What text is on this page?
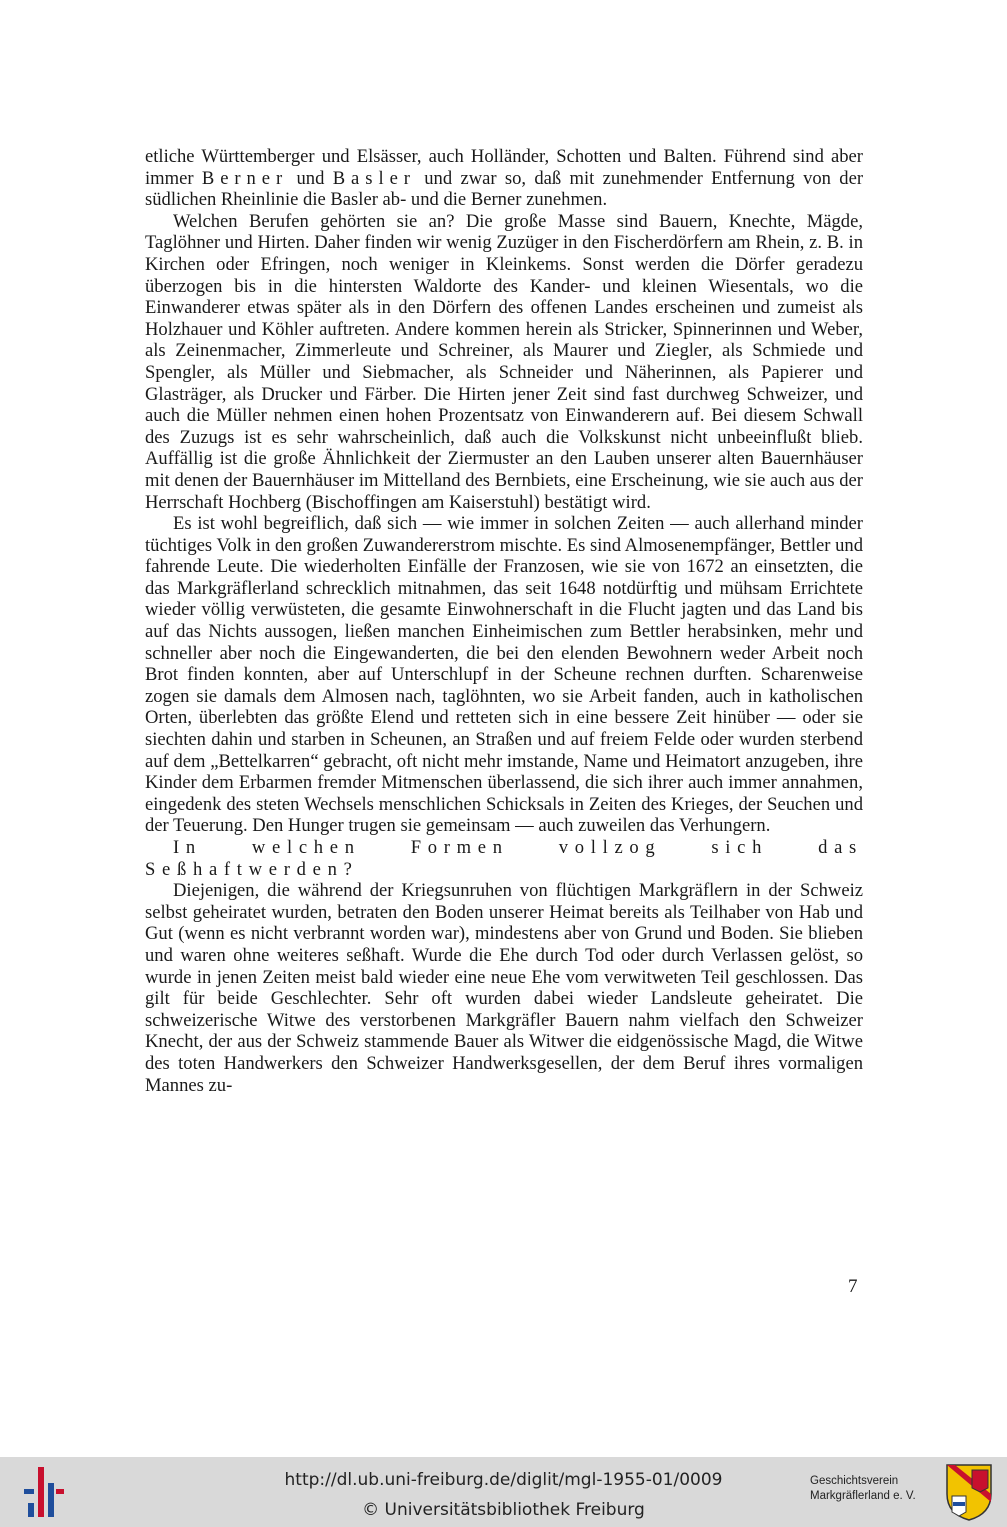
etliche Württemberger und Elsässer, auch Holländer, Schotten und Balten. Führend sind aber immer Berner und Basler und zwar so, daß mit zunehmender Entfernung von der südlichen Rheinlinie die Basler ab- und die Berner zunehmen.

Welchen Berufen gehörten sie an? Die große Masse sind Bauern, Knechte, Mägde, Taglöhner und Hirten. Daher finden wir wenig Zuzüger in den Fischerdörfern am Rhein, z. B. in Kirchen oder Efringen, noch weniger in Kleinkems. Sonst werden die Dörfer geradezu überzogen bis in die hintersten Waldorte des Kander- und kleinen Wiesentals, wo die Einwanderer etwas später als in den Dörfern des offenen Landes erscheinen und zumeist als Holzhauer und Köhler auftreten. Andere kommen herein als Stricker, Spinnerinnen und Weber, als Zeinenmacher, Zimmerleute und Schreiner, als Maurer und Ziegler, als Schmiede und Spengler, als Müller und Siebmacher, als Schneider und Näherinnen, als Papierer und Glasträger, als Drucker und Färber. Die Hirten jener Zeit sind fast durchweg Schweizer, und auch die Müller nehmen einen hohen Prozentsatz von Einwanderern auf. Bei diesem Schwall des Zuzugs ist es sehr wahrscheinlich, daß auch die Volkskunst nicht unbeeinflußt blieb. Auffällig ist die große Ähnlichkeit der Ziermuster an den Lauben unserer alten Bauernhäuser mit denen der Bauernhäuser im Mittelland des Bernbiets, eine Erscheinung, wie sie auch aus der Herrschaft Hochberg (Bischoffingen am Kaiserstuhl) bestätigt wird.

Es ist wohl begreiflich, daß sich — wie immer in solchen Zeiten — auch allerhand minder tüchtiges Volk in den großen Zuwandererstrom mischte. Es sind Almosenempfänger, Bettler und fahrende Leute. Die wiederholten Einfälle der Franzosen, wie sie von 1672 an einsetzten, die das Markgräflerland schrecklich mitnahmen, das seit 1648 notdürftig und mühsam Errichtete wieder völlig verwüsteten, die gesamte Einwohnerschaft in die Flucht jagten und das Land bis auf das Nichts aussogen, ließen manchen Einheimischen zum Bettler herabsinken, mehr und schneller aber noch die Eingewanderten, die bei den elenden Bewohnern weder Arbeit noch Brot finden konnten, aber auf Unterschlupf in der Scheune rechnen durften. Scharenweise zogen sie damals dem Almosen nach, taglöhnten, wo sie Arbeit fanden, auch in katholischen Orten, überlebten das größte Elend und retteten sich in eine bessere Zeit hinüber — oder sie siechten dahin und starben in Scheunen, an Straßen und auf freiem Felde oder wurden sterbend auf dem „Bettelkarren“ gebracht, oft nicht mehr imstande, Name und Heimatort anzugeben, ihre Kinder dem Erbarmen fremder Mitmenschen überlassend, die sich ihrer auch immer annahmen, eingedenk des steten Wechsels menschlichen Schicksals in Zeiten des Krieges, der Seuchen und der Teuerung. Den Hunger trugen sie gemeinsam — auch zuweilen das Verhungern.

In welchen Formen vollzog sich das Seßhaftwerden?

Diejenigen, die während der Kriegsunruhen von flüchtigen Markgräflern in der Schweiz selbst geheiratet wurden, betraten den Boden unserer Heimat bereits als Teilhaber von Hab und Gut (wenn es nicht verbrannt worden war), mindestens aber von Grund und Boden. Sie blieben und waren ohne weiteres seßhaft. Wurde die Ehe durch Tod oder durch Verlassen gelöst, so wurde in jenen Zeiten meist bald wieder eine neue Ehe vom verwitweten Teil geschlossen. Das gilt für beide Geschlechter. Sehr oft wurden dabei wieder Landsleute geheiratet. Die schweizerische Witwe des verstorbenen Markgräfler Bauern nahm vielfach den Schweizer Knecht, der aus der Schweiz stammende Bauer als Witwer die eidgenössische Magd, die Witwe des toten Handwerkers den Schweizer Handwerksgesellen, der dem Beruf ihres vormaligen Mannes zu-

7
http://dl.ub.uni-freiburg.de/diglit/mgl-1955-01/0009
© Universitätsbibliothek Freiburg
Geschichtsverein
Markgräflerland e. V.
